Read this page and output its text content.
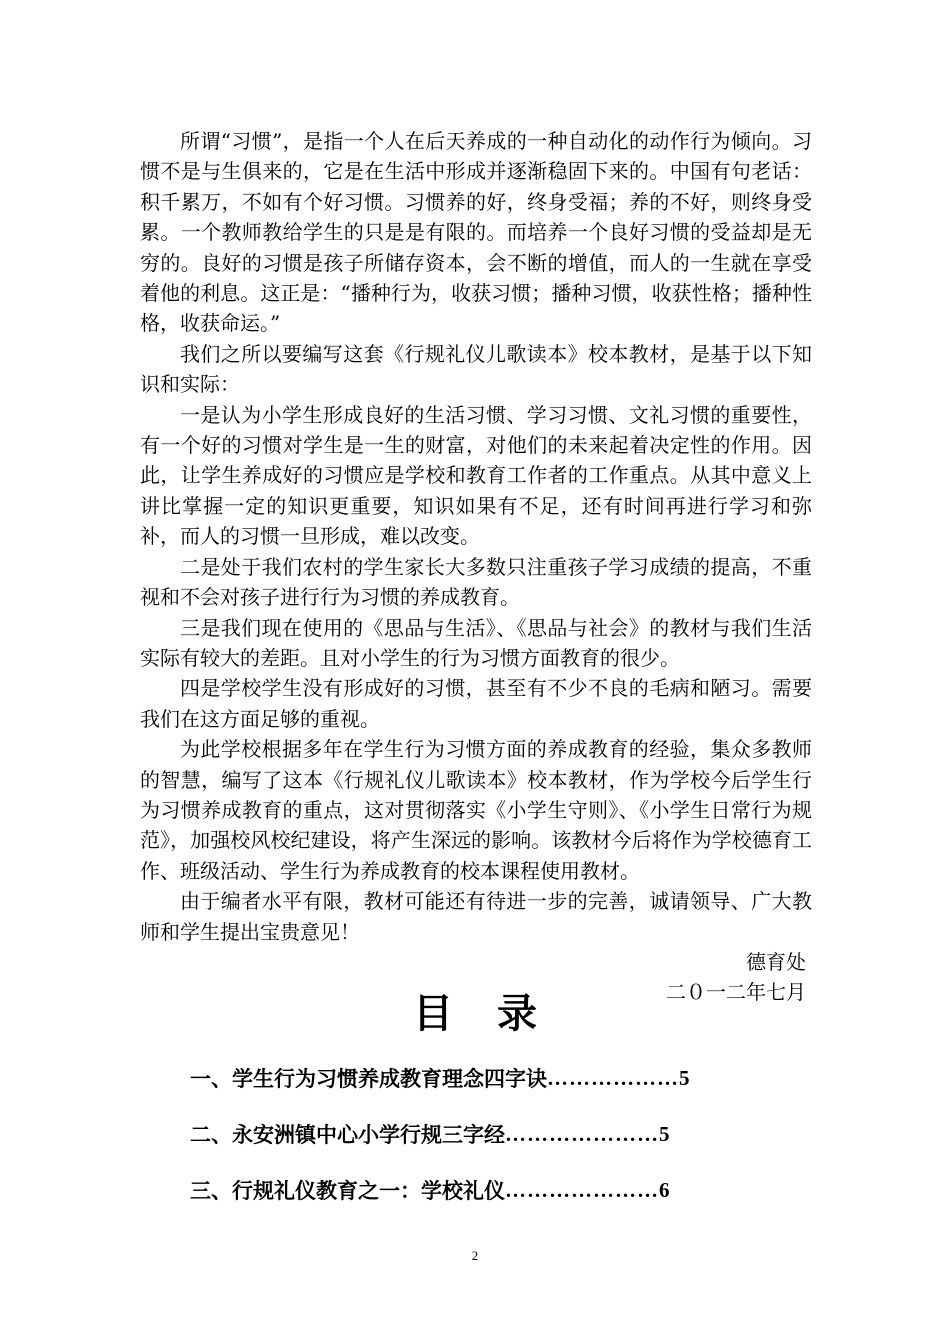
所谓“习惯”，是指一个人在后天养成的一种自动化的动作行为倾向。习惯不是与生俱来的，它是在生活中形成并逐渐稳固下来的。中国有句老话：积千累万，不如有个好习惯。习惯养的好，终身受福；养的不好，则终身受累。一个教师教给学生的只是是有限的。而培养一个良好习惯的受益却是无穷的。良好的习惯是孩子所储存资本，会不断的增值，而人的一生就在享受着他的利息。这正是：“播种行为，收获习惯；播种习惯，收获性格；播种性格，收获命运。”

我们之所以要编写这套《行规礼仪儿歌读本》校本教材，是基于以下知识和实际：

一是认为小学生形成良好的生活习惯、学习习惯、文礼习惯的重要性，有一个好的习惯对学生是一生的财富，对他们的未来起着决定性的作用。因此，让学生养成好的习惯应是学校和教育工作者的工作重点。从其中意义上讲比掌握一定的知识更重要，知识如果有不足，还有时间再进行学习和弥补，而人的习惯一旦形成，难以改变。

二是处于我们农村的学生家长大多数只注重孩子学习成绩的提高，不重视和不会对孩子进行行为习惯的养成教育。

三是我们现在使用的《思品与生活》、《思品与社会》的教材与我们生活实际有较大的差距。且对小学生的行为习惯方面教育的很少。

四是学校学生没有形成好的习惯，甚至有不少不良的毛病和陋习。需要我们在这方面足够的重视。

为此学校根据多年在学生行为习惯方面的养成教育的经验，集众多教师的智慧，编写了这本《行规礼仪儿歌读本》校本教材，作为学校今后学生行为习惯养成教育的重点，这对贯彻落实《小学生守则》、《小学生日常行为规范》，加强校风校纪建设，将产生深远的影响。该教材今后将作为学校德育工作、班级活动、学生行为养成教育的校本课程使用教材。

由于编者水平有限，教材可能还有待进一步的完善，诚请领导、广大教师和学生提出宝贵意见！

德育处

二０一二年七月

目录
一、学生行为习惯养成教育理念四字诀 ……………… 5
二、永安洲镇中心小学行规三字经 ………………… 5
三、行规礼仪教育之一：学校礼仪 ………………… 6
2
